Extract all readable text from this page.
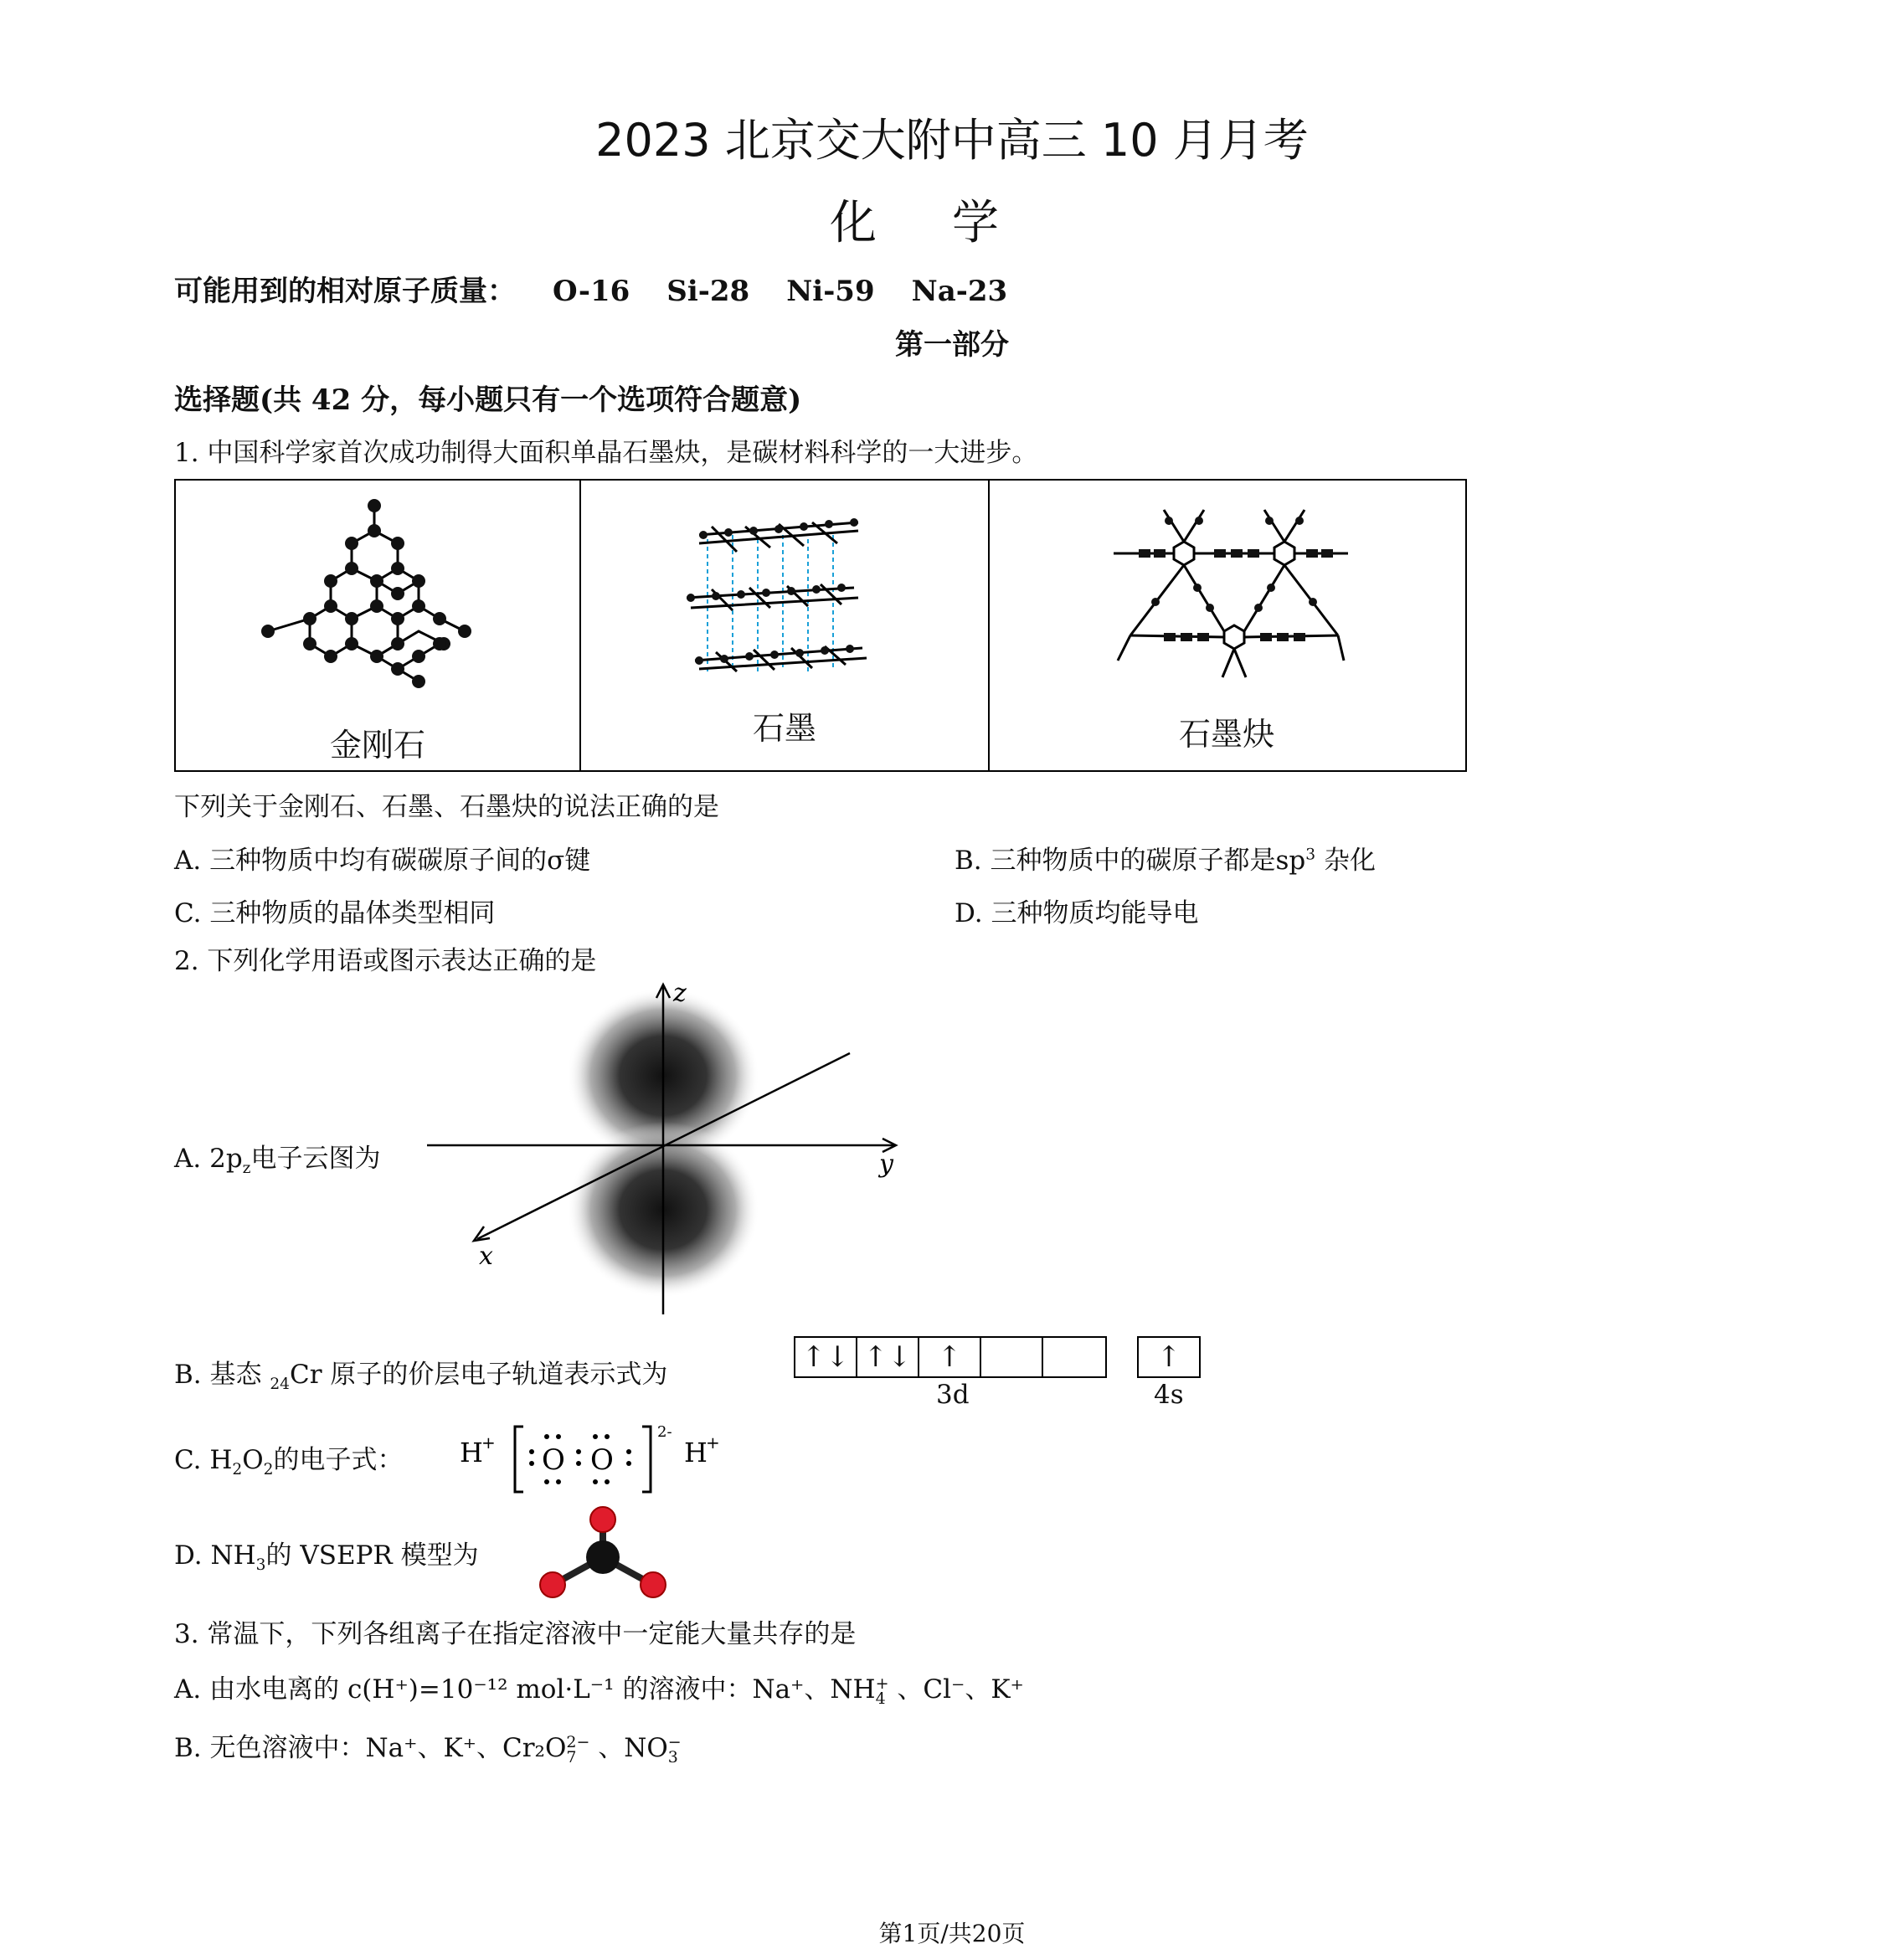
2023 北京交大附中高三 10 月月考
化学
可能用到的相对原子质量： O-16 Si-28 Ni-59 Na-23
第一部分
选择题(共 42 分，每小题只有一个选项符合题意)
1. 中国科学家首次成功制得大面积单晶石墨炔，是碳材料科学的一大进步。
金刚石	石墨	石墨炔
下列关于金刚石、石墨、石墨炔的说法正确的是
A. 三种物质中均有碳碳原子间的σ键	B. 三种物质中的碳原子都是$sp^3$ 杂化
C. 三种物质的晶体类型相同	D. 三种物质均能导电
2. 下列化学用语或图示表达正确的是
A. $2p_z$电子云图为
z
y
x
B. 基态 $_{24}$Cr 原子的价层电子轨道表示式为
↑↓ ↑↓ ↑	↑
3d	4s
C. $H_2O_2$的电子式： H
+
O O
2-
H
+
D. $NH_3$的 VSEPR 模型为
3. 常温下，下列各组离子在指定溶液中一定能大量共存的是
A. 由水电离的 c(H⁺)=10⁻¹² mol·L⁻¹ 的溶液中：Na⁺、NH +
4 、Cl⁻、K⁺
B. 无色溶液中：Na⁺、K⁺、Cr₂O 2−
7 、NO −
3
第1页/共20页
